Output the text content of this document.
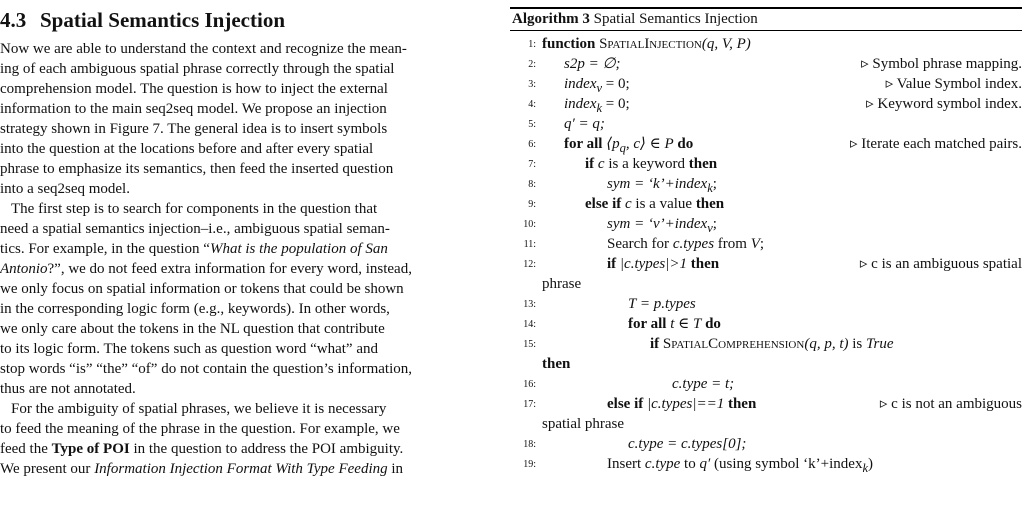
4.3 Spatial Semantics Injection
Now we are able to understand the context and recognize the mean-
ing of each ambiguous spatial phrase correctly through the spatial
comprehension model. The question is how to inject the external
information to the main seq2seq model. We propose an injection
strategy shown in Figure 7. The general idea is to insert symbols
into the question at the locations before and after every spatial
phrase to emphasize its semantics, then feed the inserted question
into a seq2seq model.
The first step is to search for components in the question that
need a spatial semantics injection–i.e., ambiguous spatial seman-
tics. For example, in the question “What is the population of San
Antonio?”, we do not feed extra information for every word, instead,
we only focus on spatial information or tokens that could be shown
in the corresponding logic form (e.g., keywords). In other words,
we only care about the tokens in the NL question that contribute
to its logic form. The tokens such as question word “what” and
stop words “is” “the” “of” do not contain the question’s information,
thus are not annotated.
For the ambiguity of spatial phrases, we believe it is necessary
to feed the meaning of the phrase in the question. For example, we
feed the Type of POI in the question to address the POI ambiguity.
We present our Information Injection Format With Type Feeding in
Algorithm 3 Spatial Semantics Injection
1: function SpatialInjection(q, V, P)
2: s2p = ∅;	▹ Symbol phrase mapping.
3: index$_v$ = 0;	▹ Value Symbol index.
4: index$_k$ = 0;	▹ Keyword symbol index.
5: q′ = q;
6: for all $⟨p_q$, c⟩ ∈ P do	▹ Iterate each matched pairs.
7:	if c is a keyword then
8:	sym = ‘k’+index$_k$;
9:	else if c is a value then
10:	sym = ‘v’+index$_v$;
11:	Search for c.types from V;
12:	if |c.types|>1 then	▹ c is an ambiguous spatial
phrase
13:	T = p.types
14:	for all t ∈ T do
15:	if SpatialComprehension(q, p, t) is True
then
16:	c.type = t;
17:	else if |c.types|==1 then	▹ c is not an ambiguous
spatial phrase
18:	c.type = c.types[0];
19:	Insert c.type to q′ (using symbol ‘k’+index$_k$)
